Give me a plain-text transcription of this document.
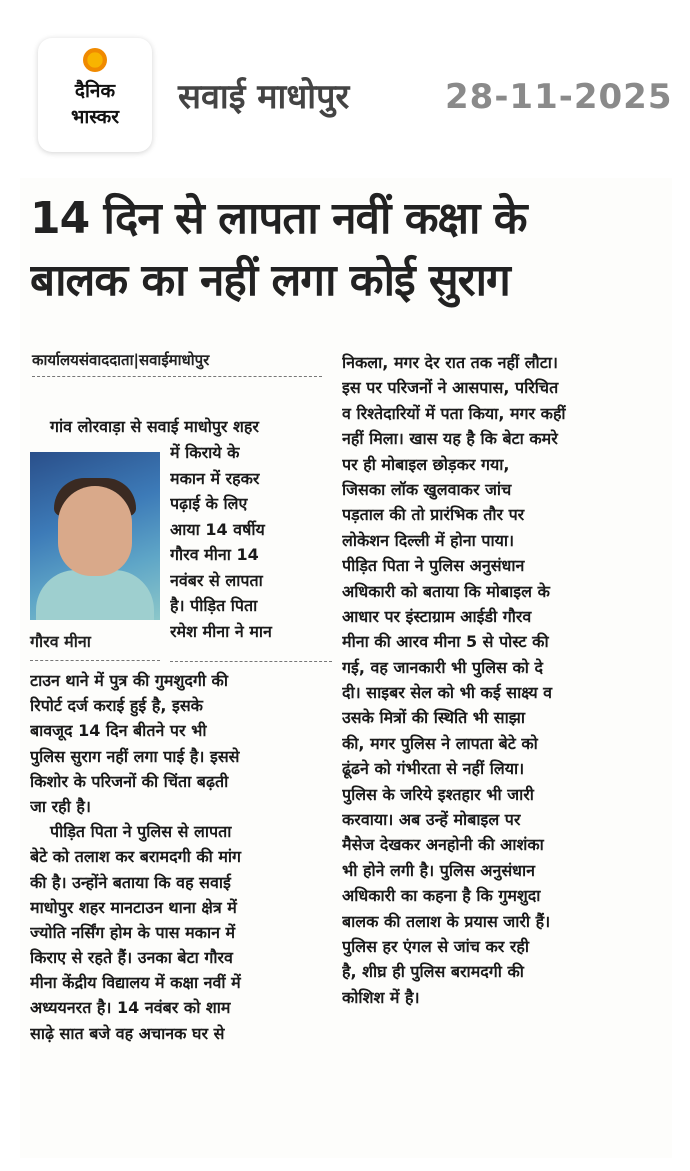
दैनिक
भास्कर	सवाई माधोपुर	28-11-2025
14 दिन से लापता नवीं कक्षा के
बालक का नहीं लगा कोई सुराग
कार्यालयसंवाददाता|सवाईमाधोपुर
गांव लोरवाड़ा से सवाई माधोपुर शहर
गौरव मीना
में किराये के
मकान में रहकर
पढ़ाई के लिए
आया 14 वर्षीय
गौरव मीना 14
नवंबर से लापता
है। पीड़ित पिता
रमेश मीना ने मान
टाउन थाने में पुत्र की गुमशुदगी की
रिपोर्ट दर्ज कराई हुई है, इसके
बावजूद 14 दिन बीतने पर भी
पुलिस सुराग नहीं लगा पाई है। इससे
किशोर के परिजनों की चिंता बढ़ती
जा रही है।
पीड़ित पिता ने पुलिस से लापता
बेटे को तलाश कर बरामदगी की मांग
की है। उन्होंने बताया कि वह सवाई
माधोपुर शहर मानटाउन थाना क्षेत्र में
ज्योति नर्सिंग होम के पास मकान में
किराए से रहते हैं। उनका बेटा गौरव
मीना केंद्रीय विद्यालय में कक्षा नवीं में
अध्ययनरत है। 14 नवंबर को शाम
साढ़े सात बजे वह अचानक घर से
निकला, मगर देर रात तक नहीं लौटा।
इस पर परिजनों ने आसपास, परिचित
व रिश्तेदारियों में पता किया, मगर कहीं
नहीं मिला। खास यह है कि बेटा कमरे
पर ही मोबाइल छोड़कर गया,
जिसका लॉक खुलवाकर जांच
पड़ताल की तो प्रारंभिक तौर पर
लोकेशन दिल्ली में होना पाया।
पीड़ित पिता ने पुलिस अनुसंधान
अधिकारी को बताया कि मोबाइल के
आधार पर इंस्टाग्राम आईडी गौरव
मीना की आरव मीना 5 से पोस्ट की
गई, वह जानकारी भी पुलिस को दे
दी। साइबर सेल को भी कई साक्ष्य व
उसके मित्रों की स्थिति भी साझा
की, मगर पुलिस ने लापता बेटे को
ढूंढने को गंभीरता से नहीं लिया।
पुलिस के जरिये इश्तहार भी जारी
करवाया। अब उन्हें मोबाइल पर
मैसेज देखकर अनहोनी की आशंका
भी होने लगी है। पुलिस अनुसंधान
अधिकारी का कहना है कि गुमशुदा
बालक की तलाश के प्रयास जारी हैं।
पुलिस हर एंगल से जांच कर रही
है, शीघ्र ही पुलिस बरामदगी की
कोशिश में है।
